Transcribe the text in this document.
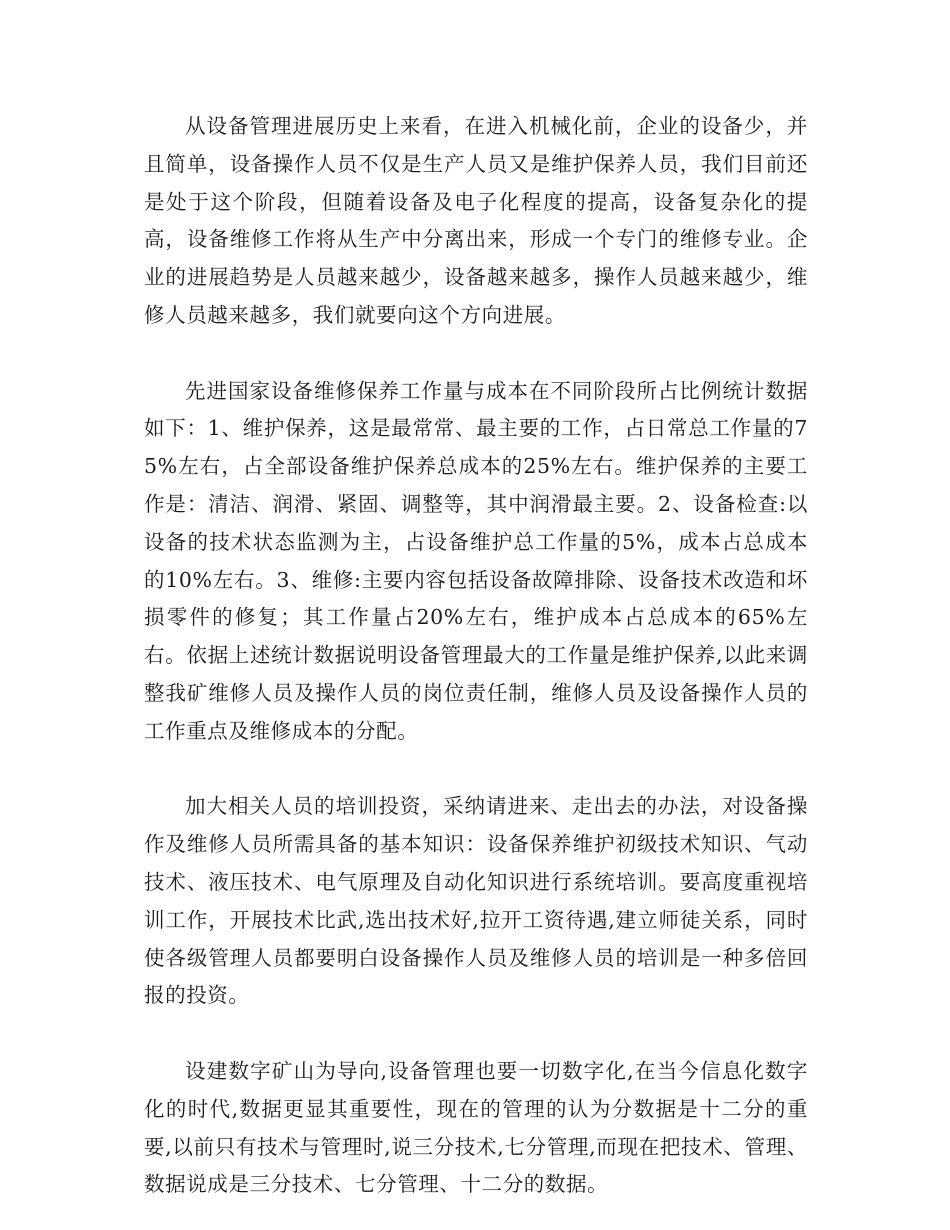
从设备管理进展历史上来看，在进入机械化前，企业的设备少，并且简单，设备操作人员不仅是生产人员又是维护保养人员，我们目前还是处于这个阶段，但随着设备及电子化程度的提高，设备复杂化的提高，设备维修工作将从生产中分离出来，形成一个专门的维修专业。企业的进展趋势是人员越来越少，设备越来越多，操作人员越来越少，维修人员越来越多，我们就要向这个方向进展。

先进国家设备维修保养工作量与成本在不同阶段所占比例统计数据如下：1、维护保养，这是最常常、最主要的工作，占日常总工作量的75%左右，占全部设备维护保养总成本的25%左右。维护保养的主要工作是：清洁、润滑、紧固、调整等，其中润滑最主要。2、设备检查:以设备的技术状态监测为主，占设备维护总工作量的5%，成本占总成本的10%左右。3、维修:主要内容包括设备故障排除、设备技术改造和坏损零件的修复；其工作量占20%左右，维护成本占总成本的65%左右。依据上述统计数据说明设备管理最大的工作量是维护保养,以此来调整我矿维修人员及操作人员的岗位责任制，维修人员及设备操作人员的工作重点及维修成本的分配。

加大相关人员的培训投资，采纳请进来、走出去的办法，对设备操作及维修人员所需具备的基本知识：设备保养维护初级技术知识、气动技术、液压技术、电气原理及自动化知识进行系统培训。要高度重视培训工作，开展技术比武,选出技术好,拉开工资待遇,建立师徒关系，同时使各级管理人员都要明白设备操作人员及维修人员的培训是一种多倍回报的投资。

设建数字矿山为导向,设备管理也要一切数字化,在当今信息化数字化的时代,数据更显其重要性，现在的管理的认为分数据是十二分的重要,以前只有技术与管理时,说三分技术,七分管理,而现在把技术、管理、数据说成是三分技术、七分管理、十二分的数据。
